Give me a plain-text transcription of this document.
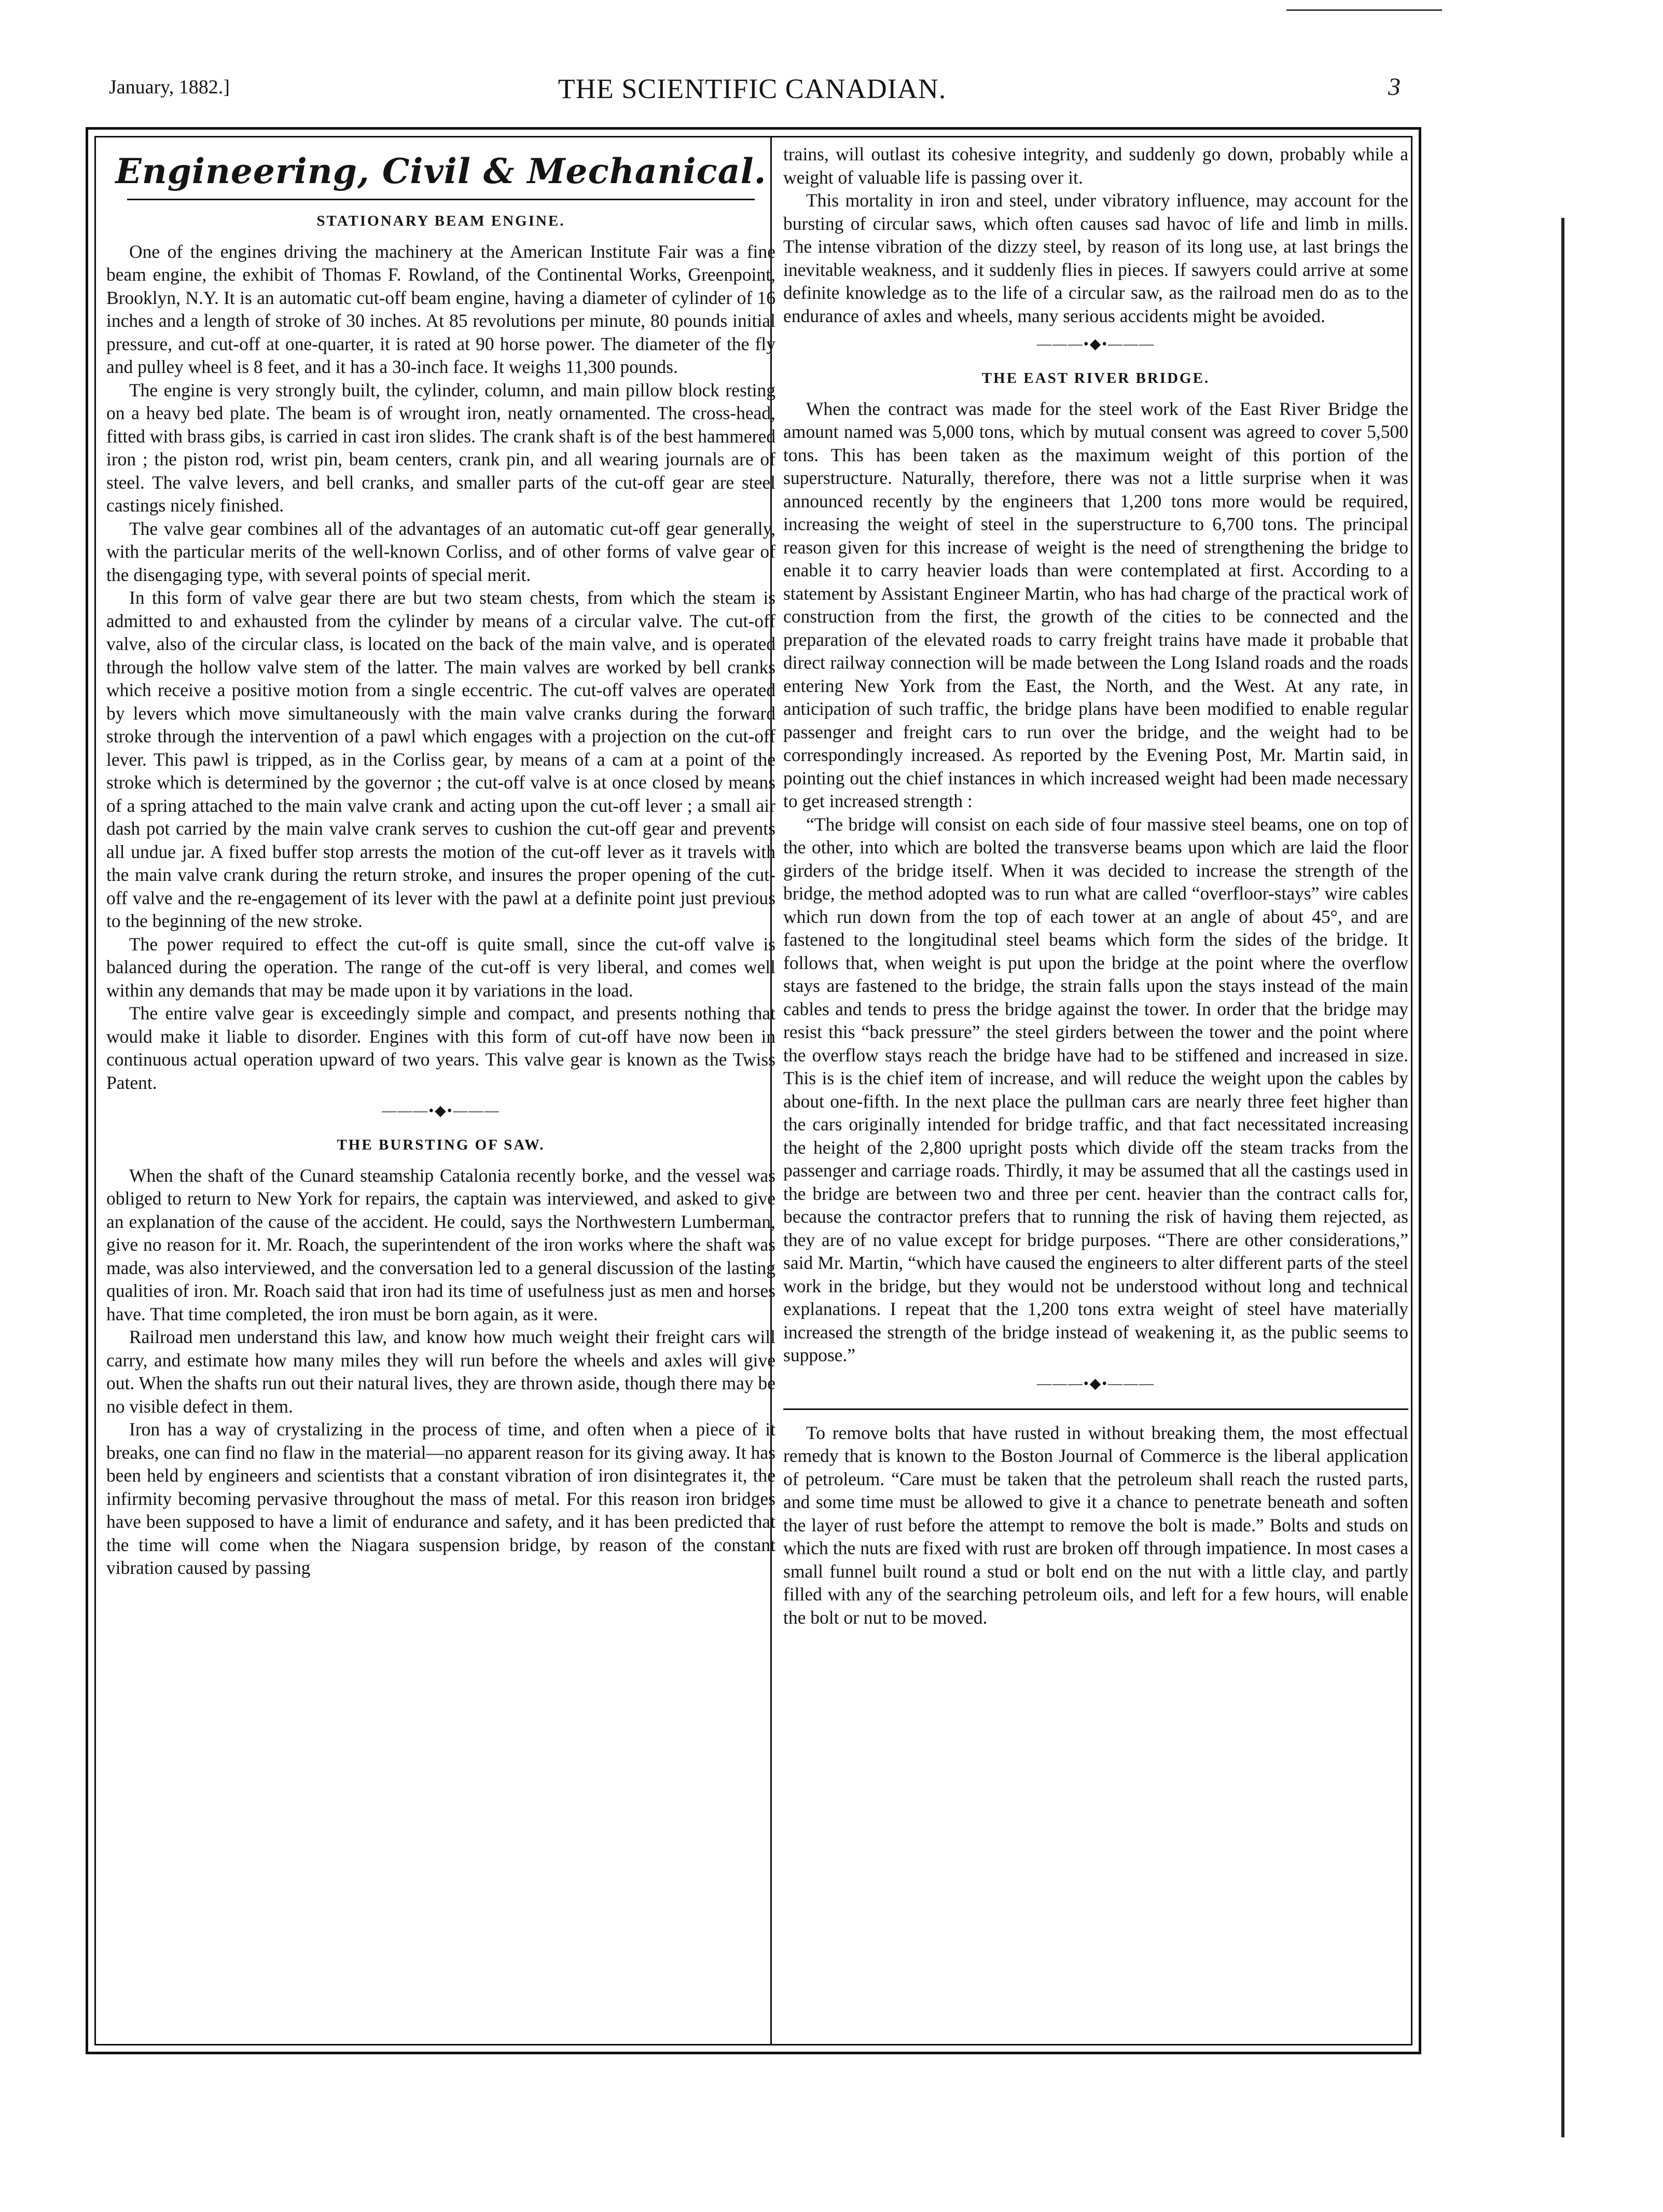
January, 1882.]	THE SCIENTIFIC CANADIAN.	3
Engineering, Civil & Mechanical.
STATIONARY BEAM ENGINE.

One of the engines driving the machinery at the American Institute Fair was a fine beam engine, the exhibit of Thomas F. Rowland, of the Continental Works, Greenpoint, Brooklyn, N.Y. It is an automatic cut-off beam engine, having a diameter of cylinder of 16 inches and a length of stroke of 30 inches. At 85 revolutions per minute, 80 pounds initial pressure, and cut-off at one-quarter, it is rated at 90 horse power. The diameter of the fly and pulley wheel is 8 feet, and it has a 30-inch face. It weighs 11,300 pounds.

The engine is very strongly built, the cylinder, column, and main pillow block resting on a heavy bed plate. The beam is of wrought iron, neatly ornamented. The cross-head, fitted with brass gibs, is carried in cast iron slides. The crank shaft is of the best hammered iron ; the piston rod, wrist pin, beam centers, crank pin, and all wearing journals are of steel. The valve levers, and bell cranks, and smaller parts of the cut-off gear are steel castings nicely finished.

The valve gear combines all of the advantages of an automatic cut-off gear generally, with the particular merits of the well-known Corliss, and of other forms of valve gear of the disengaging type, with several points of special merit.

In this form of valve gear there are but two steam chests, from which the steam is admitted to and exhausted from the cylinder by means of a circular valve. The cut-off valve, also of the circular class, is located on the back of the main valve, and is operated through the hollow valve stem of the latter. The main valves are worked by bell cranks which receive a positive motion from a single eccentric. The cut-off valves are operated by levers which move simultaneously with the main valve cranks during the forward stroke through the intervention of a pawl which engages with a projection on the cut-off lever. This pawl is tripped, as in the Corliss gear, by means of a cam at a point of the stroke which is determined by the governor ; the cut-off valve is at once closed by means of a spring attached to the main valve crank and acting upon the cut-off lever ; a small air dash pot carried by the main valve crank serves to cushion the cut-off gear and prevents all undue jar. A fixed buffer stop arrests the motion of the cut-off lever as it travels with the main valve crank during the return stroke, and insures the proper opening of the cut-off valve and the re-engagement of its lever with the pawl at a definite point just previous to the beginning of the new stroke.

The power required to effect the cut-off is quite small, since the cut-off valve is balanced during the operation. The range of the cut-off is very liberal, and comes well within any demands that may be made upon it by variations in the load.

The entire valve gear is exceedingly simple and compact, and presents nothing that would make it liable to disorder. Engines with this form of cut-off have now been in continuous actual operation upward of two years. This valve gear is known as the Twiss Patent.

———•◆•———
THE BURSTING OF SAW.

When the shaft of the Cunard steamship Catalonia recently borke, and the vessel was obliged to return to New York for repairs, the captain was interviewed, and asked to give an explanation of the cause of the accident. He could, says the Northwestern Lumberman, give no reason for it. Mr. Roach, the superintendent of the iron works where the shaft was made, was also interviewed, and the conversation led to a general discussion of the lasting qualities of iron. Mr. Roach said that iron had its time of usefulness just as men and horses have. That time completed, the iron must be born again, as it were.

Railroad men understand this law, and know how much weight their freight cars will carry, and estimate how many miles they will run before the wheels and axles will give out. When the shafts run out their natural lives, they are thrown aside, though there may be no visible defect in them.

Iron has a way of crystalizing in the process of time, and often when a piece of it breaks, one can find no flaw in the material—no apparent reason for its giving away. It has been held by engineers and scientists that a constant vibration of iron disintegrates it, the infirmity becoming pervasive throughout the mass of metal. For this reason iron bridges have been supposed to have a limit of endurance and safety, and it has been predicted that the time will come when the Niagara suspension bridge, by reason of the constant vibration caused by passing

trains, will outlast its cohesive integrity, and suddenly go down, probably while a weight of valuable life is passing over it.

This mortality in iron and steel, under vibratory influence, may account for the bursting of circular saws, which often causes sad havoc of life and limb in mills. The intense vibration of the dizzy steel, by reason of its long use, at last brings the inevitable weakness, and it suddenly flies in pieces. If sawyers could arrive at some definite knowledge as to the life of a circular saw, as the railroad men do as to the endurance of axles and wheels, many serious accidents might be avoided.

———•◆•———
THE EAST RIVER BRIDGE.

When the contract was made for the steel work of the East River Bridge the amount named was 5,000 tons, which by mutual consent was agreed to cover 5,500 tons. This has been taken as the maximum weight of this portion of the superstructure. Naturally, therefore, there was not a little surprise when it was announced recently by the engineers that 1,200 tons more would be required, increasing the weight of steel in the superstructure to 6,700 tons. The principal reason given for this increase of weight is the need of strengthening the bridge to enable it to carry heavier loads than were contemplated at first. According to a statement by Assistant Engineer Martin, who has had charge of the practical work of construction from the first, the growth of the cities to be connected and the preparation of the elevated roads to carry freight trains have made it probable that direct railway connection will be made between the Long Island roads and the roads entering New York from the East, the North, and the West. At any rate, in anticipation of such traffic, the bridge plans have been modified to enable regular passenger and freight cars to run over the bridge, and the weight had to be correspondingly increased. As reported by the Evening Post, Mr. Martin said, in pointing out the chief instances in which increased weight had been made necessary to get increased strength :

“The bridge will consist on each side of four massive steel beams, one on top of the other, into which are bolted the transverse beams upon which are laid the floor girders of the bridge itself. When it was decided to increase the strength of the bridge, the method adopted was to run what are called “overfloor-stays” wire cables which run down from the top of each tower at an angle of about 45°, and are fastened to the longitudinal steel beams which form the sides of the bridge. It follows that, when weight is put upon the bridge at the point where the overflow stays are fastened to the bridge, the strain falls upon the stays instead of the main cables and tends to press the bridge against the tower. In order that the bridge may resist this “back pressure” the steel girders between the tower and the point where the overflow stays reach the bridge have had to be stiffened and increased in size. This is is the chief item of increase, and will reduce the weight upon the cables by about one-fifth. In the next place the pullman cars are nearly three feet higher than the cars originally intended for bridge traffic, and that fact necessitated increasing the height of the 2,800 upright posts which divide off the steam tracks from the passenger and carriage roads. Thirdly, it may be assumed that all the castings used in the bridge are between two and three per cent. heavier than the contract calls for, because the contractor prefers that to running the risk of having them rejected, as they are of no value except for bridge purposes. “There are other considerations,” said Mr. Martin, “which have caused the engineers to alter different parts of the steel work in the bridge, but they would not be understood without long and technical explanations. I repeat that the 1,200 tons extra weight of steel have materially increased the strength of the bridge instead of weakening it, as the public seems to suppose.”

———•◆•———

To remove bolts that have rusted in without breaking them, the most effectual remedy that is known to the Boston Journal of Commerce is the liberal application of petroleum. “Care must be taken that the petroleum shall reach the rusted parts, and some time must be allowed to give it a chance to penetrate beneath and soften the layer of rust before the attempt to remove the bolt is made.” Bolts and studs on which the nuts are fixed with rust are broken off through impatience. In most cases a small funnel built round a stud or bolt end on the nut with a little clay, and partly filled with any of the searching petroleum oils, and left for a few hours, will enable the bolt or nut to be moved.
